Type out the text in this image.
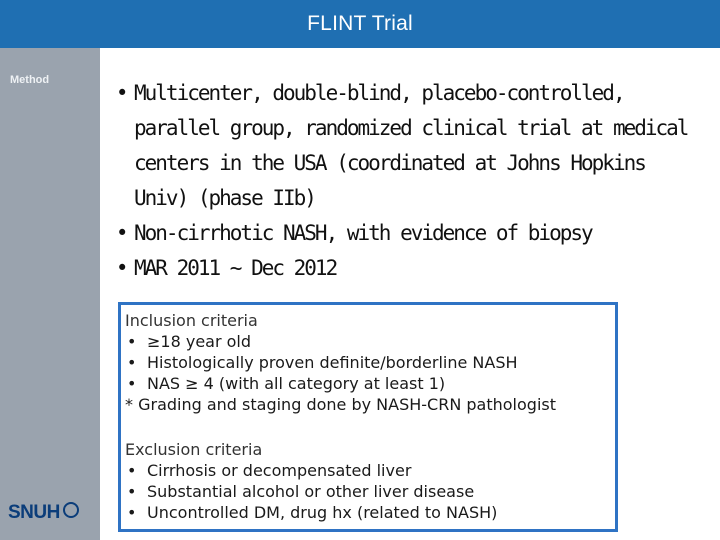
FLINT Trial
Method
SNUH
• Multicenter, double-blind, placebo-controlled, parallel group, randomized clinical trial at medical centers in the USA (coordinated at Johns Hopkins Univ) (phase IIb)
• Non-cirrhotic NASH, with evidence of biopsy
• MAR 2011 ~ Dec 2012
Inclusion criteria
• ≥18 year old
• Histologically proven definite/borderline NASH
• NAS ≥ 4 (with all category at least 1)
* Grading and staging done by NASH-CRN pathologist
Exclusion criteria
• Cirrhosis or decompensated liver
• Substantial alcohol or other liver disease
• Uncontrolled DM, drug hx (related to NASH)
